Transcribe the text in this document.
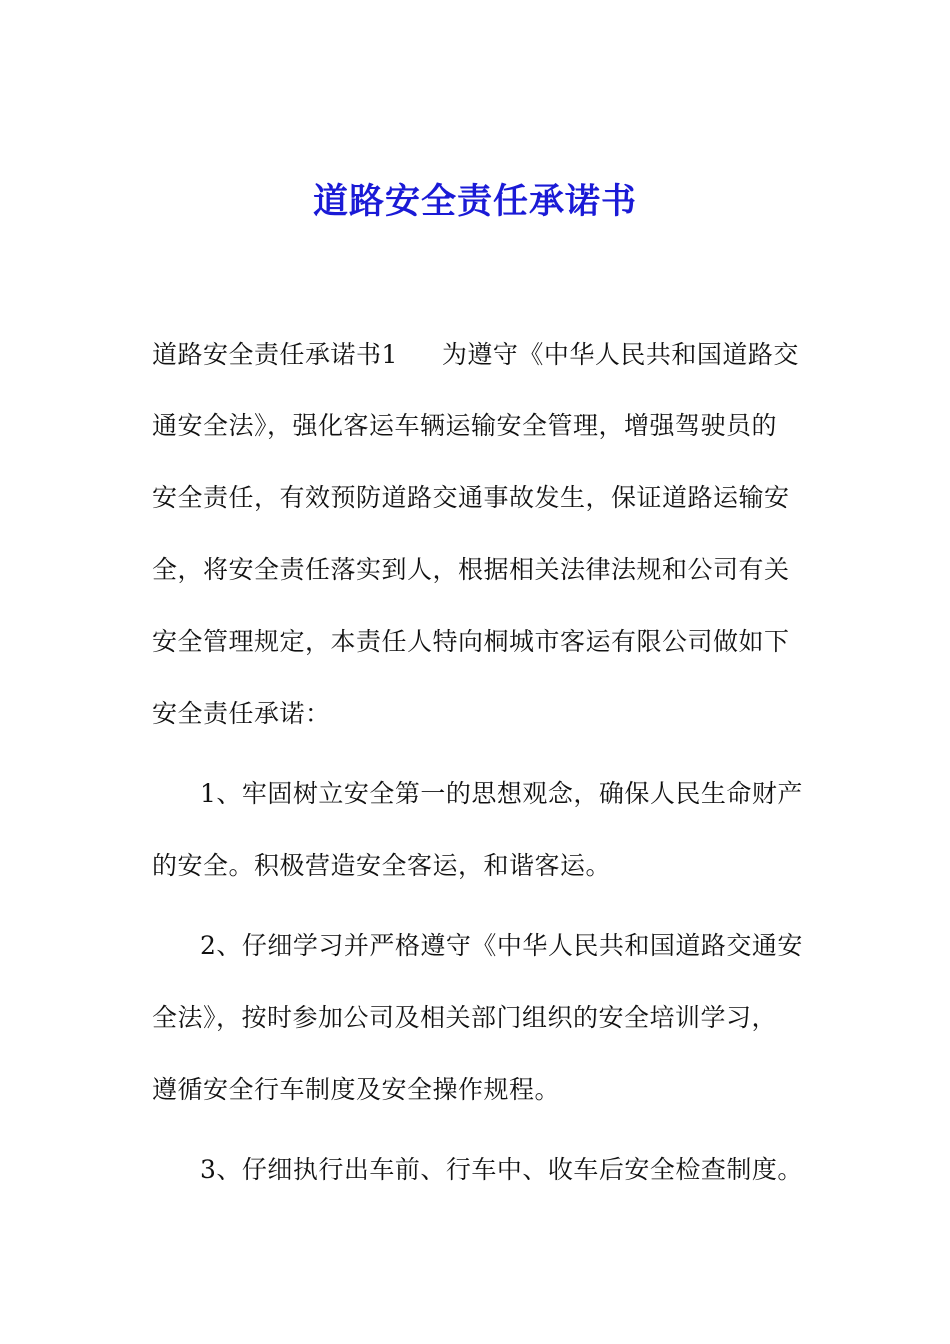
道路安全责任承诺书
道路安全责任承诺书1 为遵守《中华人民共和国道路交
通安全法》，强化客运车辆运输安全管理，增强驾驶员的
安全责任，有效预防道路交通事故发生，保证道路运输安
全，将安全责任落实到人，根据相关法律法规和公司有关
安全管理规定，本责任人特向桐城市客运有限公司做如下
安全责任承诺：
1、牢固树立安全第一的思想观念，确保人民生命财产
的安全。积极营造安全客运，和谐客运。
2、仔细学习并严格遵守《中华人民共和国道路交通安
全法》，按时参加公司及相关部门组织的安全培训学习，
遵循安全行车制度及安全操作规程。
3、仔细执行出车前、行车中、收车后安全检查制度。
